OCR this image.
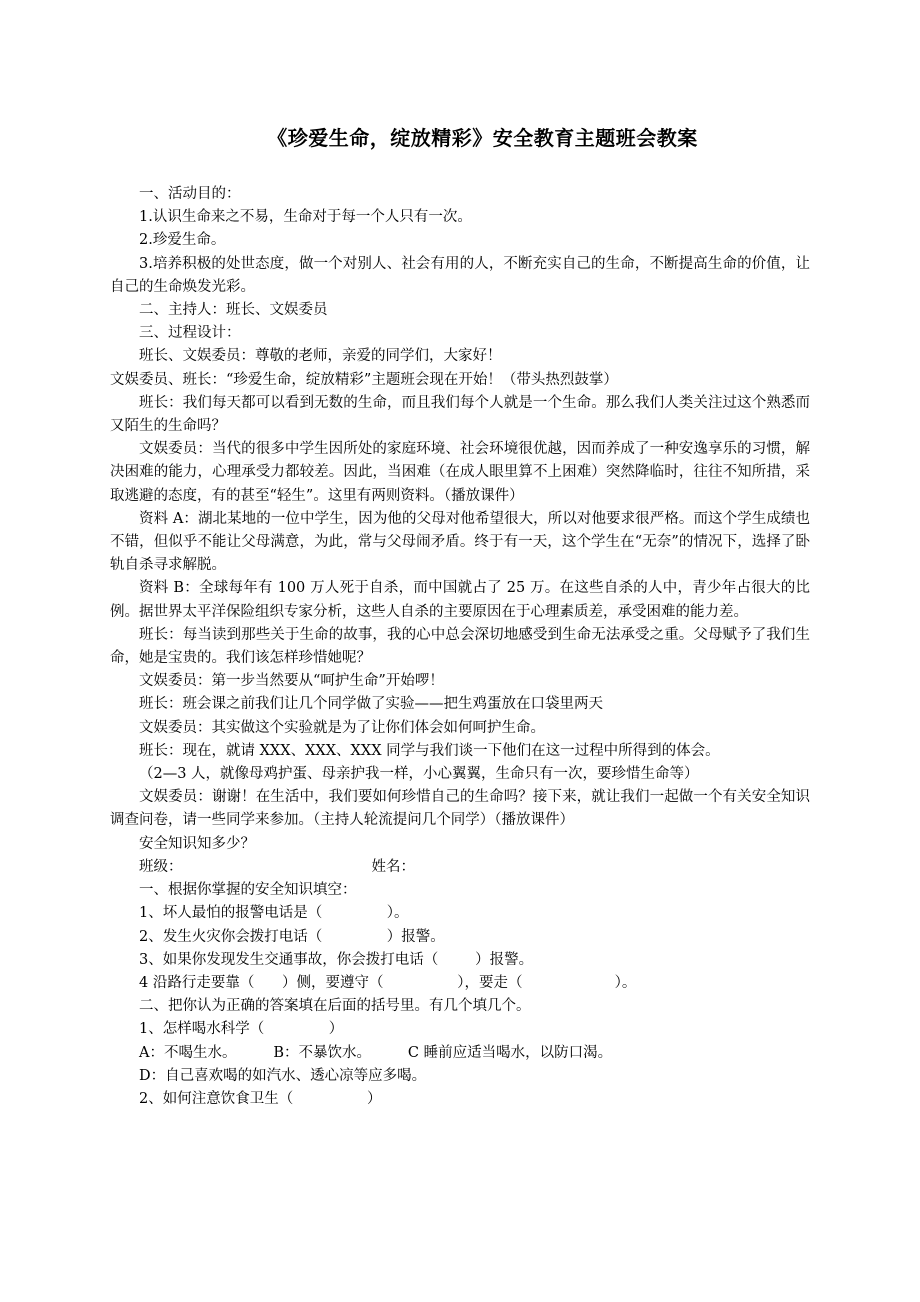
《珍爱生命，绽放精彩》安全教育主题班会教案

一、活动目的：

1.认识生命来之不易，生命对于每一个人只有一次。

2.珍爱生命。

3.培养积极的处世态度，做一个对别人、社会有用的人，不断充实自己的生命，不断提高生命的价值，让自己的生命焕发光彩。

二、主持人：班长、文娱委员

三、过程设计：

班长、文娱委员：尊敬的老师，亲爱的同学们，大家好！

文娱委员、班长：“珍爱生命，绽放精彩”主题班会现在开始！（带头热烈鼓掌）

班长：我们每天都可以看到无数的生命，而且我们每个人就是一个生命。那么我们人类关注过这个熟悉而又陌生的生命吗？

文娱委员：当代的很多中学生因所处的家庭环境、社会环境很优越，因而养成了一种安逸享乐的习惯，解决困难的能力，心理承受力都较差。因此，当困难（在成人眼里算不上困难）突然降临时，往往不知所措，采取逃避的态度，有的甚至“轻生”。这里有两则资料。（播放课件）

资料 A：湖北某地的一位中学生，因为他的父母对他希望很大，所以对他要求很严格。而这个学生成绩也不错，但似乎不能让父母满意，为此，常与父母闹矛盾。终于有一天，这个学生在“无奈”的情况下，选择了卧轨自杀寻求解脱。

资料 B：全球每年有 100 万人死于自杀，而中国就占了 25 万。在这些自杀的人中，青少年占很大的比例。据世界太平洋保险组织专家分析，这些人自杀的主要原因在于心理素质差，承受困难的能力差。

班长：每当读到那些关于生命的故事，我的心中总会深切地感受到生命无法承受之重。父母赋予了我们生命，她是宝贵的。我们该怎样珍惜她呢？

文娱委员：第一步当然要从“呵护生命”开始啰！

班长：班会课之前我们让几个同学做了实验——把生鸡蛋放在口袋里两天

文娱委员：其实做这个实验就是为了让你们体会如何呵护生命。

班长：现在，就请 XXX、XXX、XXX 同学与我们谈一下他们在这一过程中所得到的体会。

（2—3 人，就像母鸡护蛋、母亲护我一样，小心翼翼，生命只有一次，要珍惜生命等）

文娱委员：谢谢！在生活中，我们要如何珍惜自己的生命吗？接下来，就让我们一起做一个有关安全知识调查问卷，请一些同学来参加。（主持人轮流提问几个同学）（播放课件）

安全知识知多少？

班级：                                         姓名：

一、根据你掌握的安全知识填空：

1、坏人最怕的报警电话是（              ）。

2、发生火灾你会拨打电话（              ）报警。

3、如果你发现发生交通事故，你会拨打电话（        ）报警。

4 沿路行走要靠（      ）侧，要遵守（                ），要走（                    ）。

二、把你认为正确的答案填在后面的括号里。有几个填几个。

1、怎样喝水科学（              ）

A：不喝生水。        B：不暴饮水。        C 睡前应适当喝水，以防口渴。

D：自己喜欢喝的如汽水、透心凉等应多喝。

2、如何注意饮食卫生（                ）
